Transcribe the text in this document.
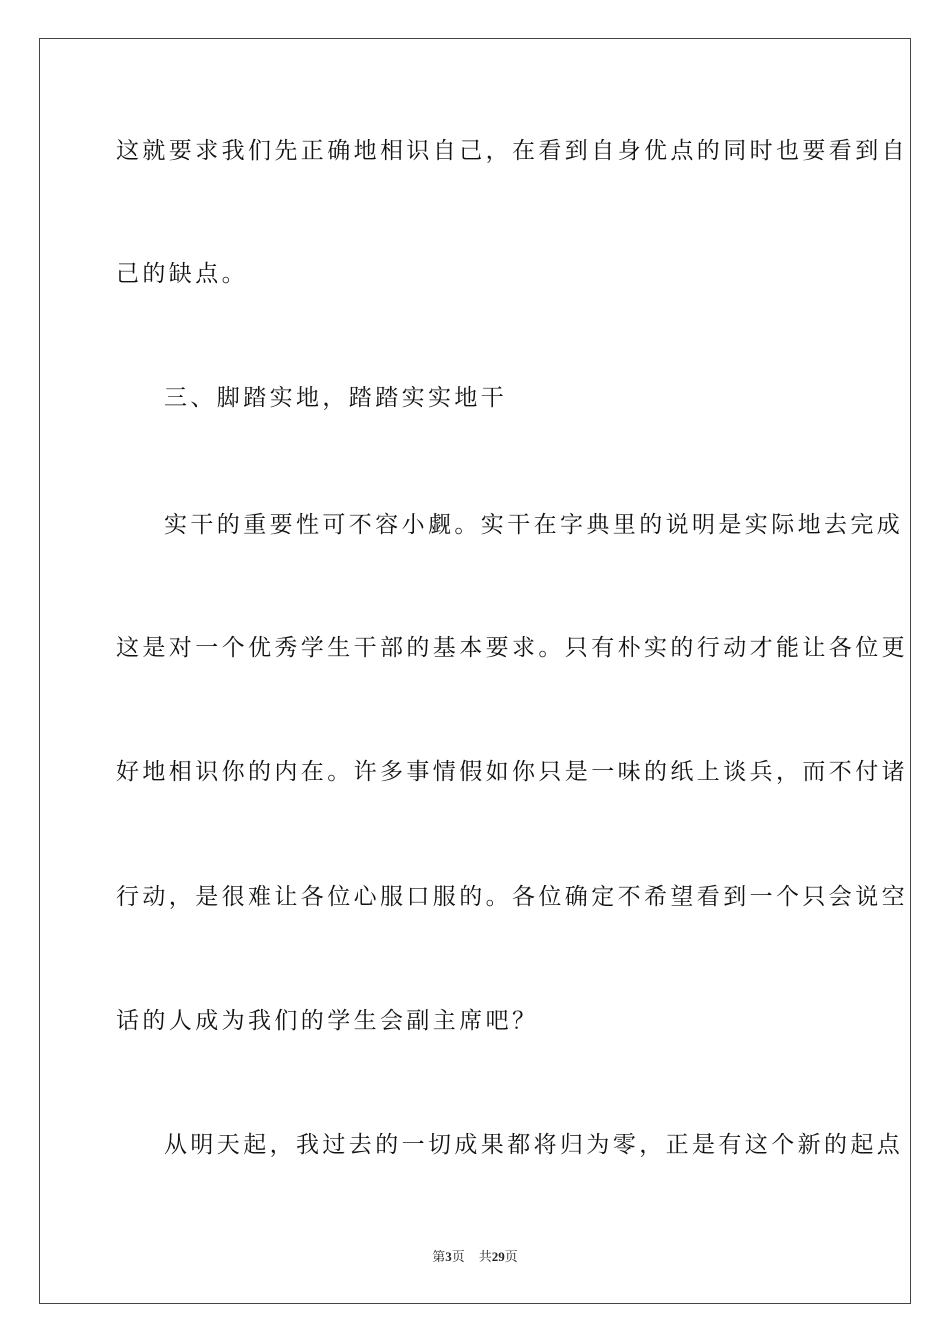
这就要求我们先正确地相识自己，在看到自身优点的同时也要看到自
己的缺点。
三、脚踏实地，踏踏实实地干
实干的重要性可不容小觑。实干在字典里的说明是实际地去完成
这是对一个优秀学生干部的基本要求。只有朴实的行动才能让各位更
好地相识你的内在。许多事情假如你只是一味的纸上谈兵，而不付诸
行动，是很难让各位心服口服的。各位确定不希望看到一个只会说空
话的人成为我们的学生会副主席吧？
从明天起，我过去的一切成果都将归为零，正是有这个新的起点
第3页 共29页
